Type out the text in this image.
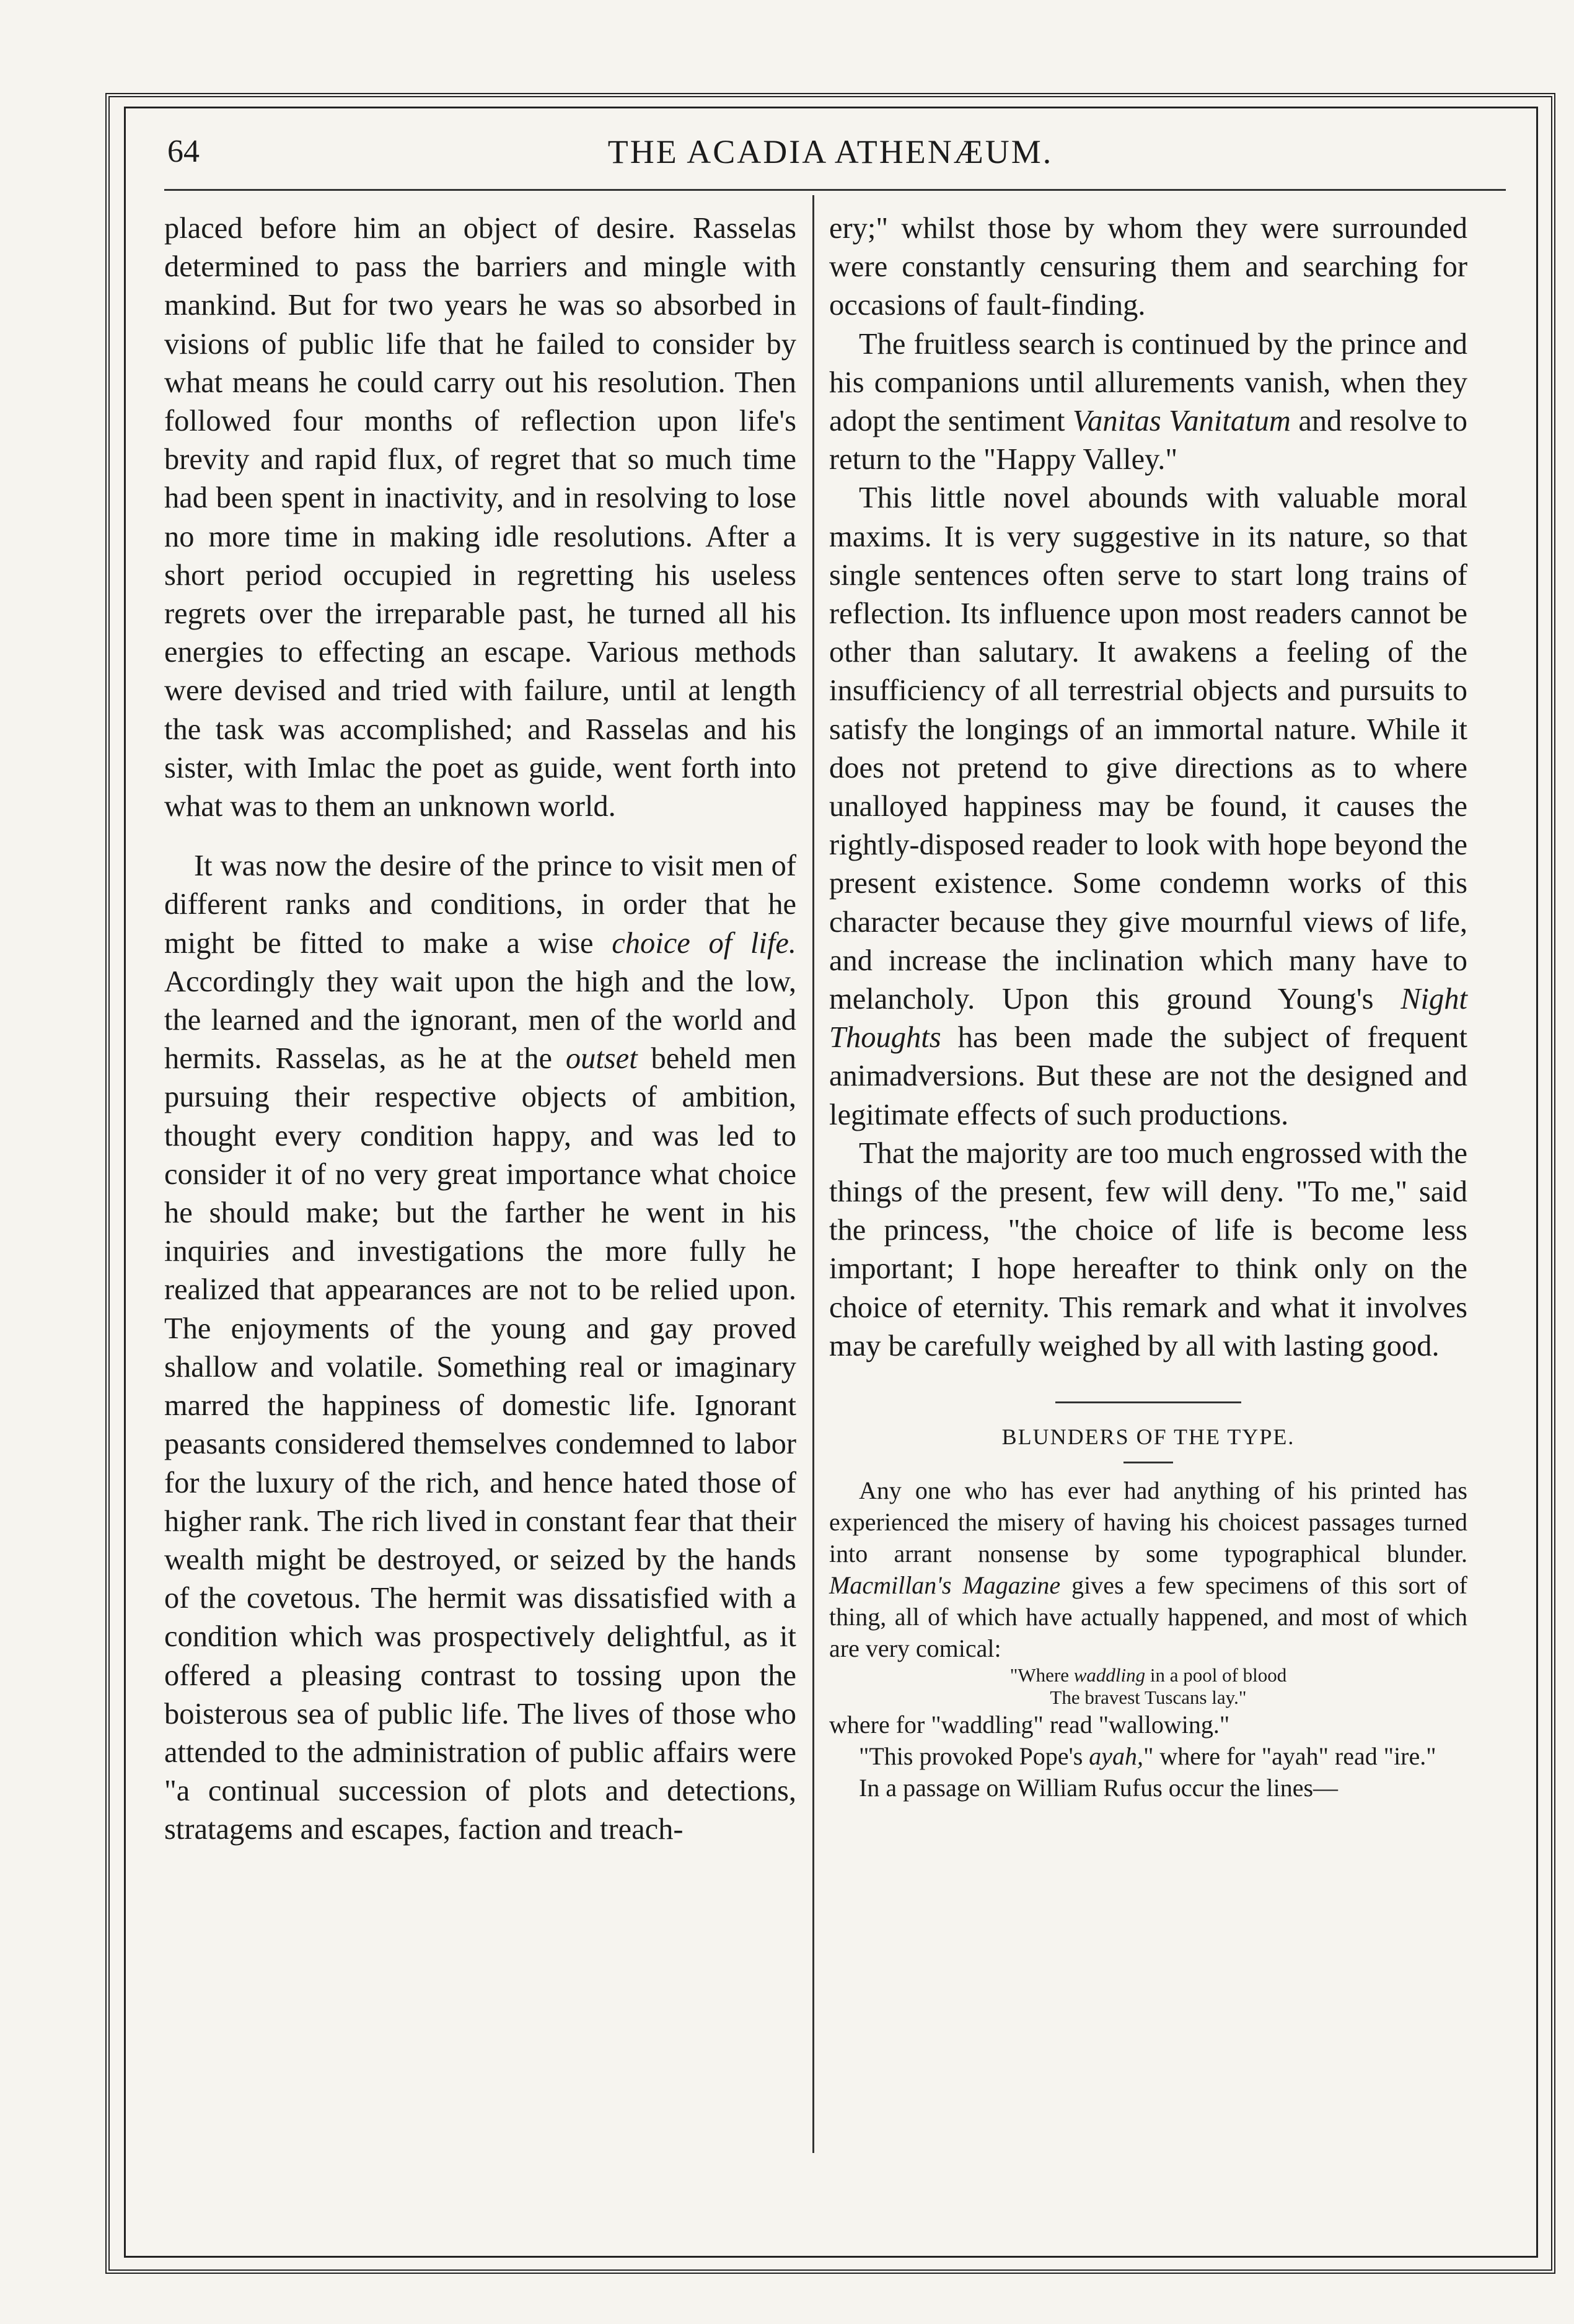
64	THE ACADIA ATHENÆUM.

placed before him an object of desire. Rasselas determined to pass the barriers and mingle with mankind. But for two years he was so absorbed in visions of public life that he failed to consider by what means he could carry out his resolution. Then followed four months of reflection upon life's brevity and rapid flux, of regret that so much time had been spent in inactivity, and in resolving to lose no more time in making idle resolutions. After a short period occupied in regretting his useless regrets over the irreparable past, he turned all his energies to effecting an escape. Various methods were devised and tried with failure, until at length the task was accomplished; and Rasselas and his sister, with Imlac the poet as guide, went forth into what was to them an unknown world.

It was now the desire of the prince to visit men of different ranks and conditions, in order that he might be fitted to make a wise choice of life. Accordingly they wait upon the high and the low, the learned and the ignorant, men of the world and hermits. Rasselas, as he at the outset beheld men pursuing their respective objects of ambition, thought every condition happy, and was led to consider it of no very great importance what choice he should make; but the farther he went in his inquiries and investigations the more fully he realized that appearances are not to be relied upon. The enjoyments of the young and gay proved shallow and volatile. Something real or imaginary marred the happiness of domestic life. Ignorant peasants considered themselves condemned to labor for the luxury of the rich, and hence hated those of higher rank. The rich lived in constant fear that their wealth might be destroyed, or seized by the hands of the covetous. The hermit was dissatisfied with a condition which was prospectively delightful, as it offered a pleasing contrast to tossing upon the boisterous sea of public life. The lives of those who attended to the administration of public affairs were "a continual succession of plots and detections, stratagems and escapes, faction and treach-

ery;" whilst those by whom they were surrounded were constantly censuring them and searching for occasions of fault-finding.

The fruitless search is continued by the prince and his companions until allurements vanish, when they adopt the sentiment Vanitas Vanitatum and resolve to return to the "Happy Valley."

This little novel abounds with valuable moral maxims. It is very suggestive in its nature, so that single sentences often serve to start long trains of reflection. Its influence upon most readers cannot be other than salutary. It awakens a feeling of the insufficiency of all terrestrial objects and pursuits to satisfy the longings of an immortal nature. While it does not pretend to give directions as to where unalloyed happiness may be found, it causes the rightly-disposed reader to look with hope beyond the present existence. Some condemn works of this character because they give mournful views of life, and increase the inclination which many have to melancholy. Upon this ground Young's Night Thoughts has been made the subject of frequent animadversions. But these are not the designed and legitimate effects of such productions.

That the majority are too much engrossed with the things of the present, few will deny. "To me," said the princess, "the choice of life is become less important; I hope hereafter to think only on the choice of eternity. This remark and what it involves may be carefully weighed by all with lasting good.

BLUNDERS OF THE TYPE.

Any one who has ever had anything of his printed has experienced the misery of having his choicest passages turned into arrant nonsense by some typographical blunder. Macmillan's Magazine gives a few specimens of this sort of thing, all of which have actually happened, and most of which are very comical:

"Where waddling in a pool of blood

The bravest Tuscans lay."

where for "waddling" read "wallowing."

"This provoked Pope's ayah," where for "ayah" read "ire."

In a passage on William Rufus occur the lines—
